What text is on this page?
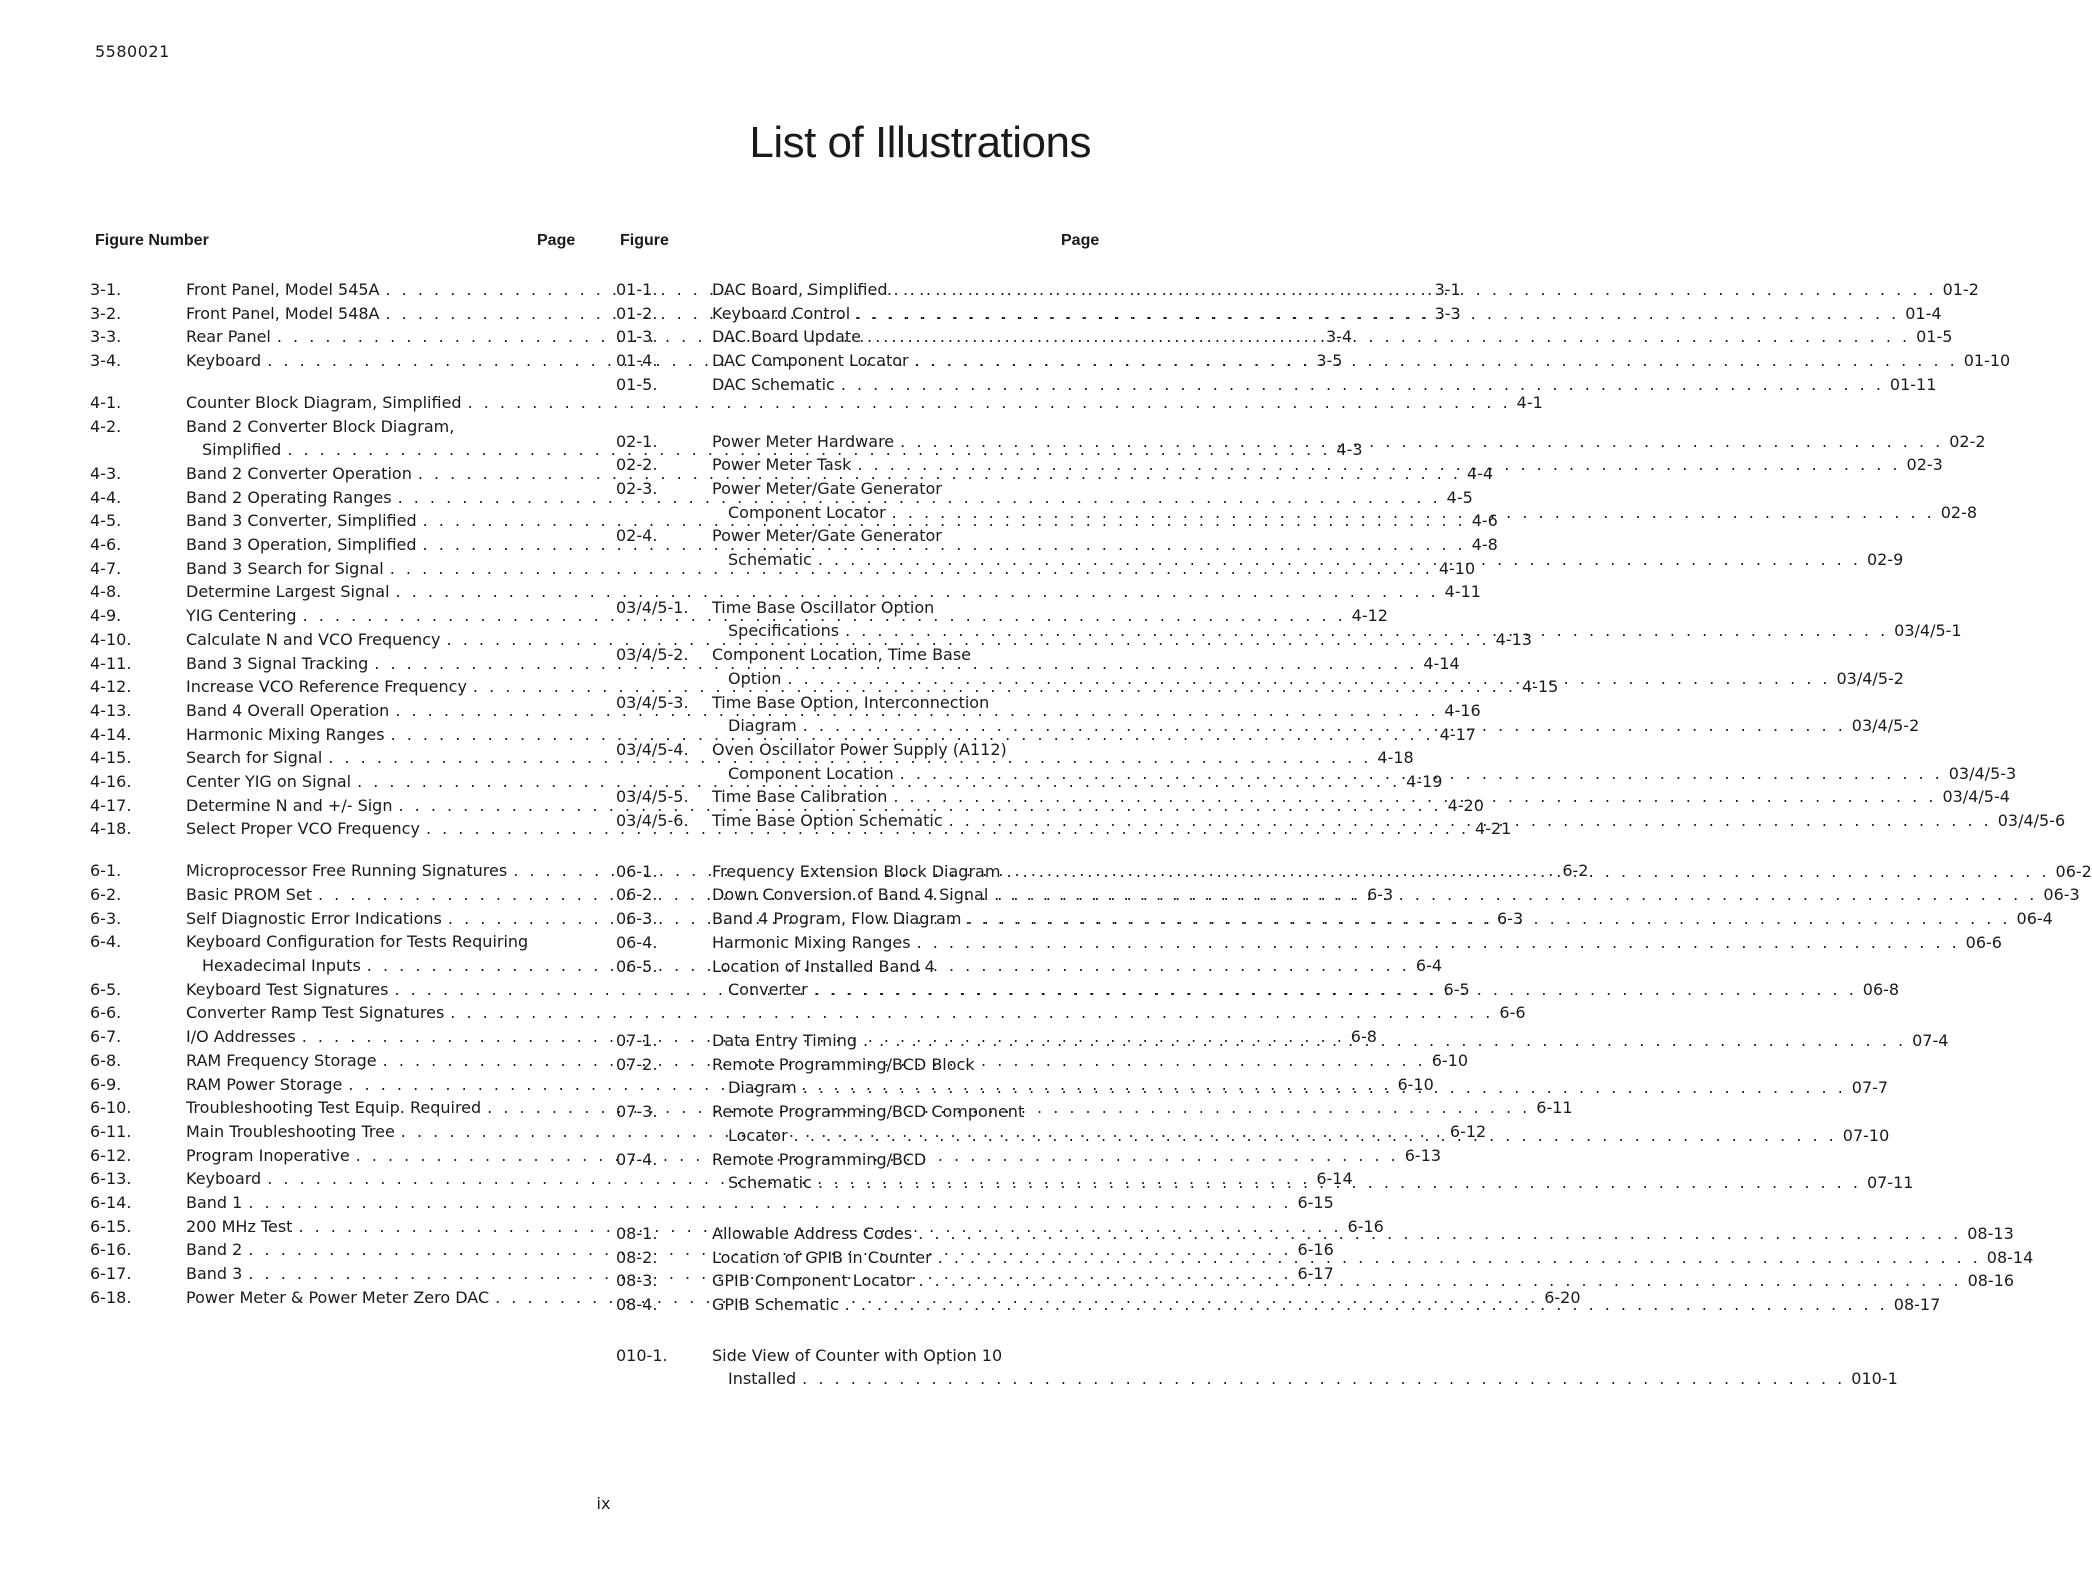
5580021
List of Illustrations
Figure Number	Page	Figure	Page
3-1.	Front Panel, Model 545A . . .	3-1
3-2.	Front Panel, Model 548A . . .	3-3
3-3.	Rear Panel . . .	3-4
3-4.	Keyboard . . .	3-5
4-1.	Counter Block Diagram, Simplified . . .	4-1
4-2.	Band 2 Converter Block Diagram,
Simplified . . .	4-3
4-3.	Band 2 Converter Operation . . .	4-4
4-4.	Band 2 Operating Ranges . . .	4-5
4-5.	Band 3 Converter, Simplified . . .	4-6
4-6.	Band 3 Operation, Simplified . . .	4-8
4-7.	Band 3 Search for Signal . . .	4-10
4-8.	Determine Largest Signal . . .	4-11
4-9.	YIG Centering . . .	4-12
4-10.	Calculate N and VCO Frequency . . .	4-13
4-11.	Band 3 Signal Tracking . . .	4-14
4-12.	Increase VCO Reference Frequency . . .	4-15
4-13.	Band 4 Overall Operation . . .	4-16
4-14.	Harmonic Mixing Ranges . . .	4-17
4-15.	Search for Signal . . .	4-18
4-16.	Center YIG on Signal . . .	4-19
4-17.	Determine N and +/- Sign . . .	4-20
4-18.	Select Proper VCO Frequency . . .	4-21
6-1.	Microprocessor Free Running Signatures . . .	6-2
6-2.	Basic PROM Set . . .	6-3
6-3.	Self Diagnostic Error Indications . . .	6-3
6-4.	Keyboard Configuration for Tests Requiring
Hexadecimal Inputs . . .	6-4
6-5.	Keyboard Test Signatures . . .	6-5
6-6.	Converter Ramp Test Signatures . . .	6-6
6-7.	I/O Addresses . . .	6-8
6-8.	RAM Frequency Storage . . .	6-10
6-9.	RAM Power Storage . . .	6-10
6-10.	Troubleshooting Test Equip. Required . . .	6-11
6-11.	Main Troubleshooting Tree . . .	6-12
6-12.	Program Inoperative . . .	6-13
6-13.	Keyboard . . .	6-14
6-14.	Band 1 . . .	6-15
6-15.	200 MHz Test . . .	6-16
6-16.	Band 2 . . .	6-16
6-17.	Band 3 . . .	6-17
6-18.	Power Meter & Power Meter Zero DAC . . .	6-20
01-1.	DAC Board, Simplified . . .	01-2
01-2.	Keyboard Control . . .	01-4
01-3.	DAC Board Update . . .	01-5
01-4.	DAC Component Locator . . .	01-10
01-5.	DAC Schematic . . .	01-11
02-1.	Power Meter Hardware . . .	02-2
02-2.	Power Meter Task . . .	02-3
02-3.	Power Meter/Gate Generator
Component Locator . . .	02-8
02-4.	Power Meter/Gate Generator
Schematic . . .	02-9
03/4/5-1.	Time Base Oscillator Option
Specifications . . .	03/4/5-1
03/4/5-2.	Component Location, Time Base
Option . . .	03/4/5-2
03/4/5-3.	Time Base Option, Interconnection
Diagram . . .	03/4/5-2
03/4/5-4.	Oven Oscillator Power Supply (A112)
Component Location . . .	03/4/5-3
03/4/5-5.	Time Base Calibration . . .	03/4/5-4
03/4/5-6.	Time Base Option Schematic . . .	03/4/5-6
06-1.	Frequency Extension Block Diagram . . .	06-2
06-2.	Down Conversion of Band 4 Signal . . .	06-3
06-3.	Band 4 Program, Flow Diagram . . .	06-4
06-4.	Harmonic Mixing Ranges . . .	06-6
06-5.	Location of Installed Band 4
Converter . . .	06-8
07-1.	Data Entry Timing . . .	07-4
07-2.	Remote Programming/BCD Block
Diagram . . .	07-7
07-3.	Remote Programming/BCD Component
Locator . . .	07-10
07-4.	Remote Programming/BCD
Schematic . . .	07-11
08-1.	Allowable Address Codes . . .	08-13
08-2.	Location of GPIB in Counter . . .	08-14
08-3.	GPIB Component Locator . . .	08-16
08-4.	GPIB Schematic . . .	08-17
010-1.	Side View of Counter with Option 10
Installed . . .	010-1
ix
